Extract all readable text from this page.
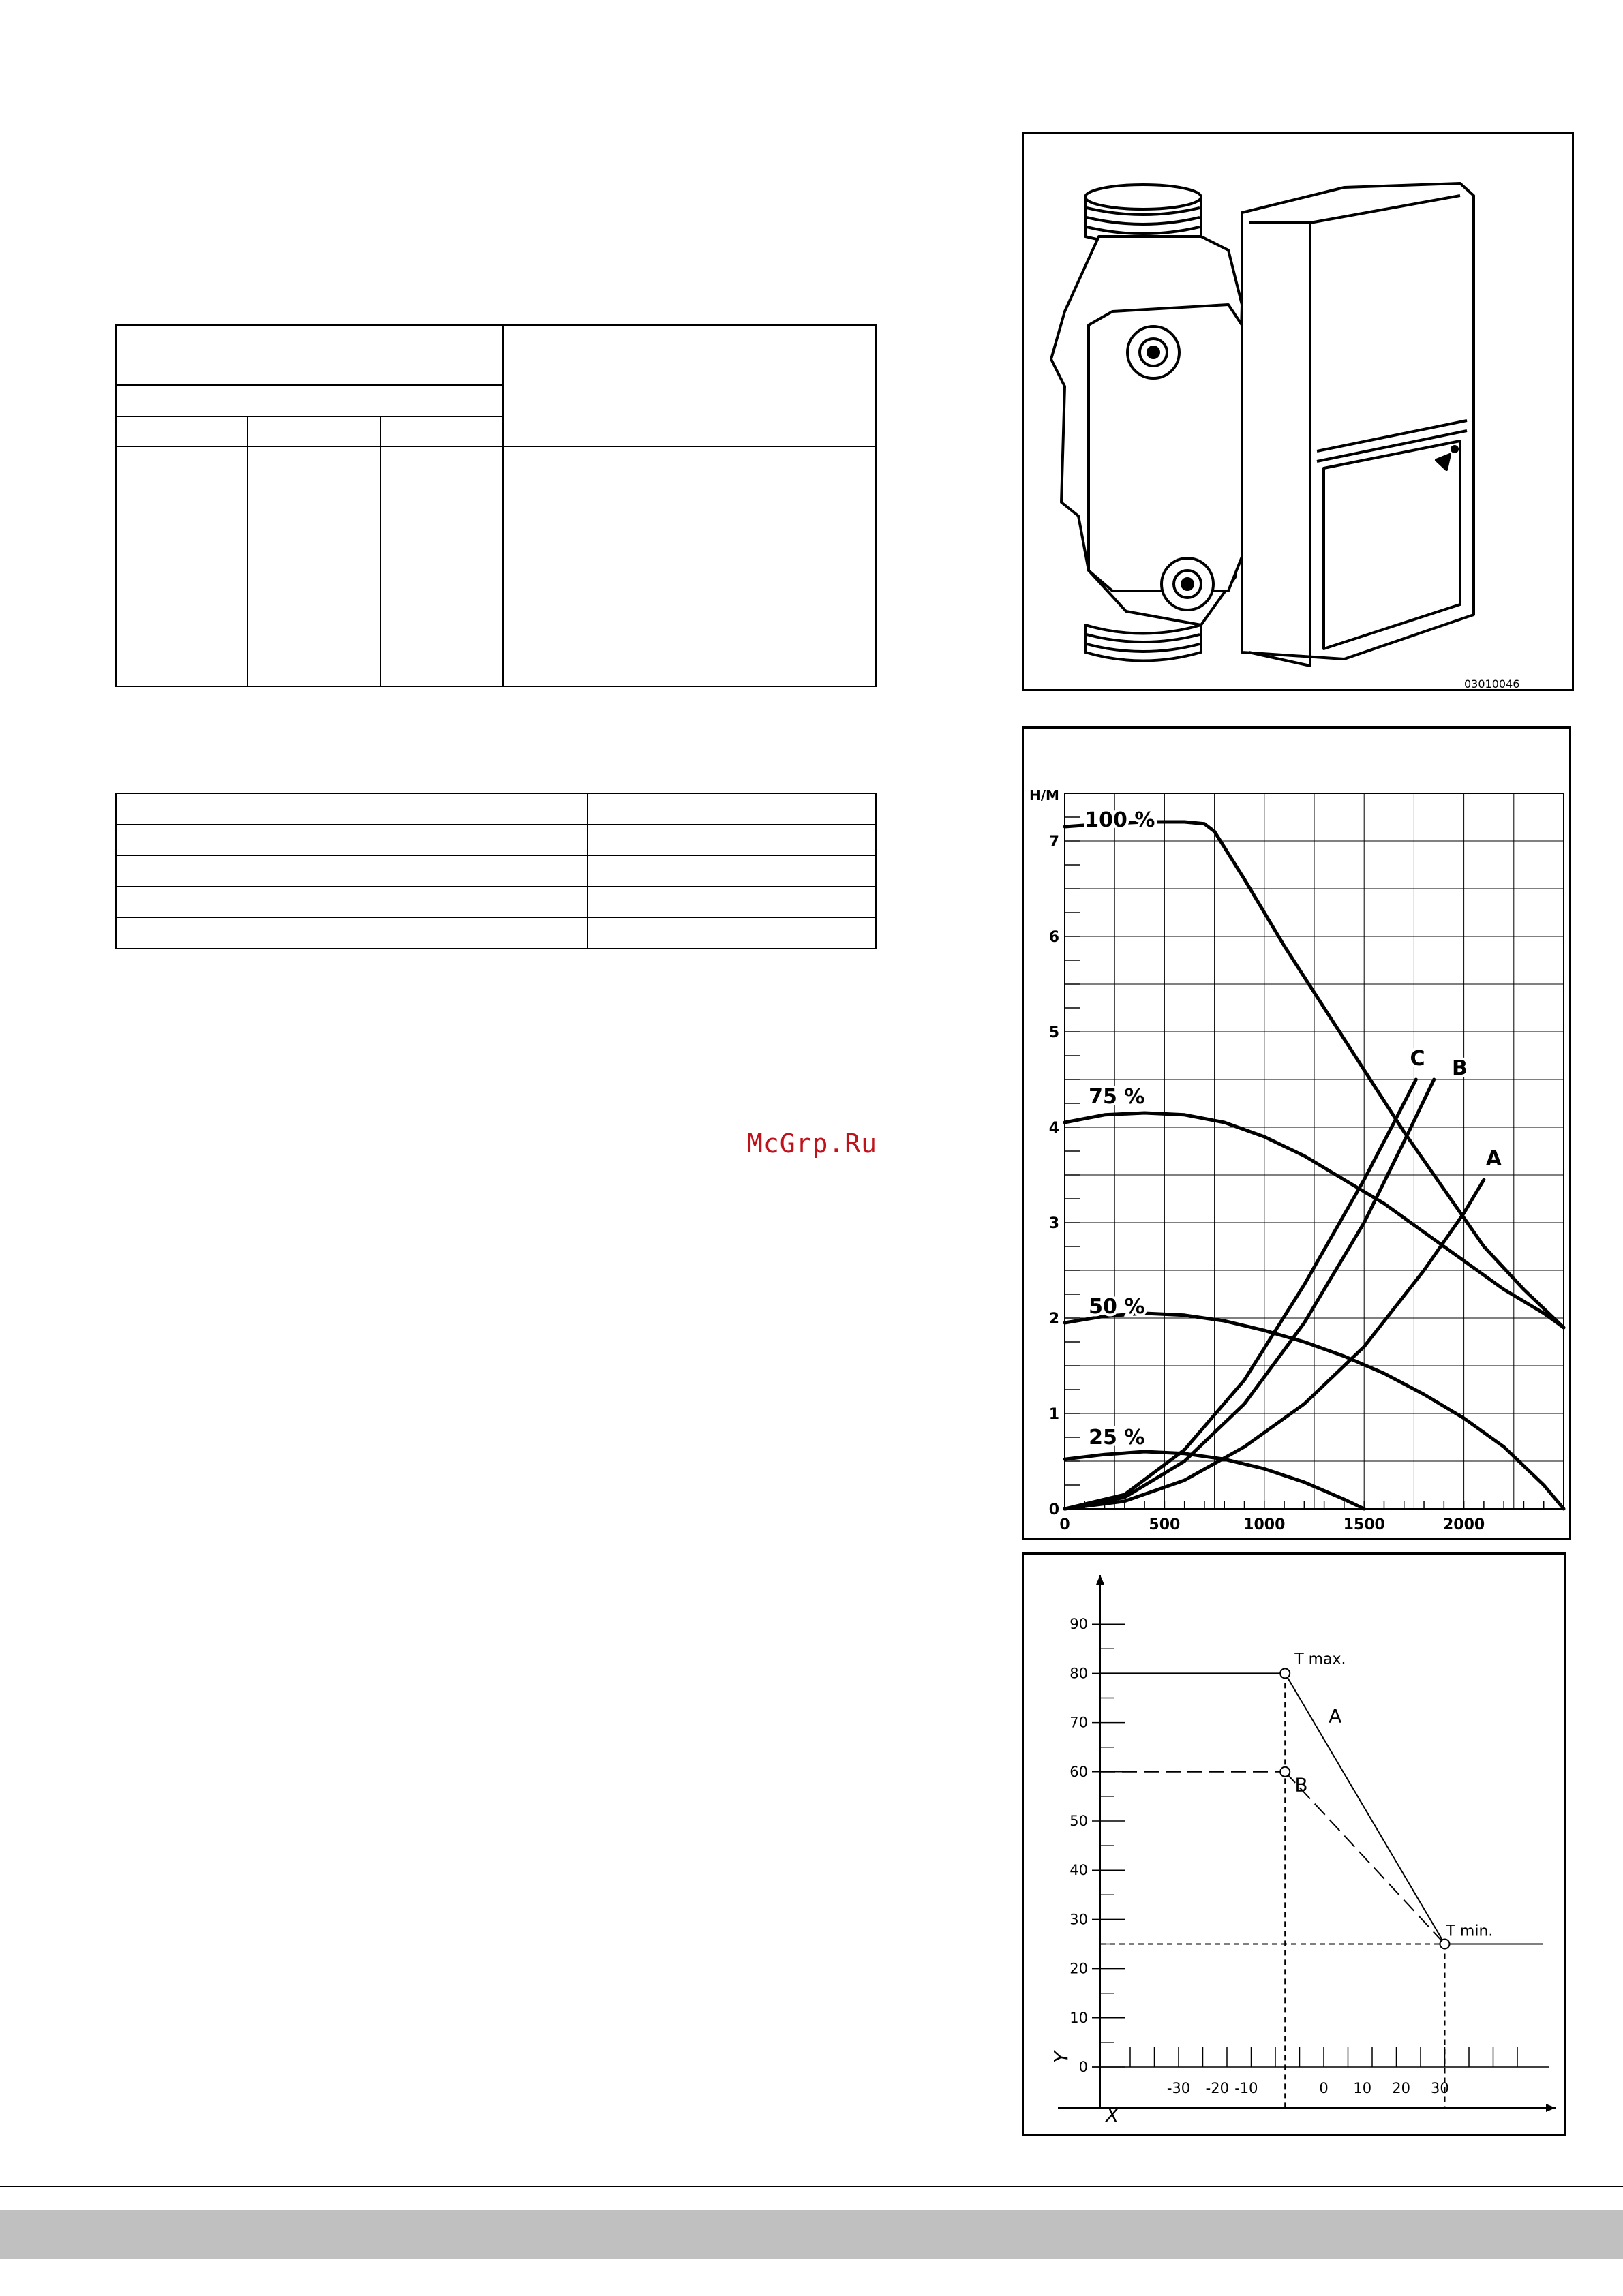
McGrp.Ru
03010046
0
1
2
3
4
5
6
7
0	500	1000	1500	2000
H/M
100 %
75 %
50 %
25 %
A
B
C
0
10
20
30
40
50
60
70
80
90
-30 -20 -10	0 10 20 30
X
Y
T max.
T min.
A
B
